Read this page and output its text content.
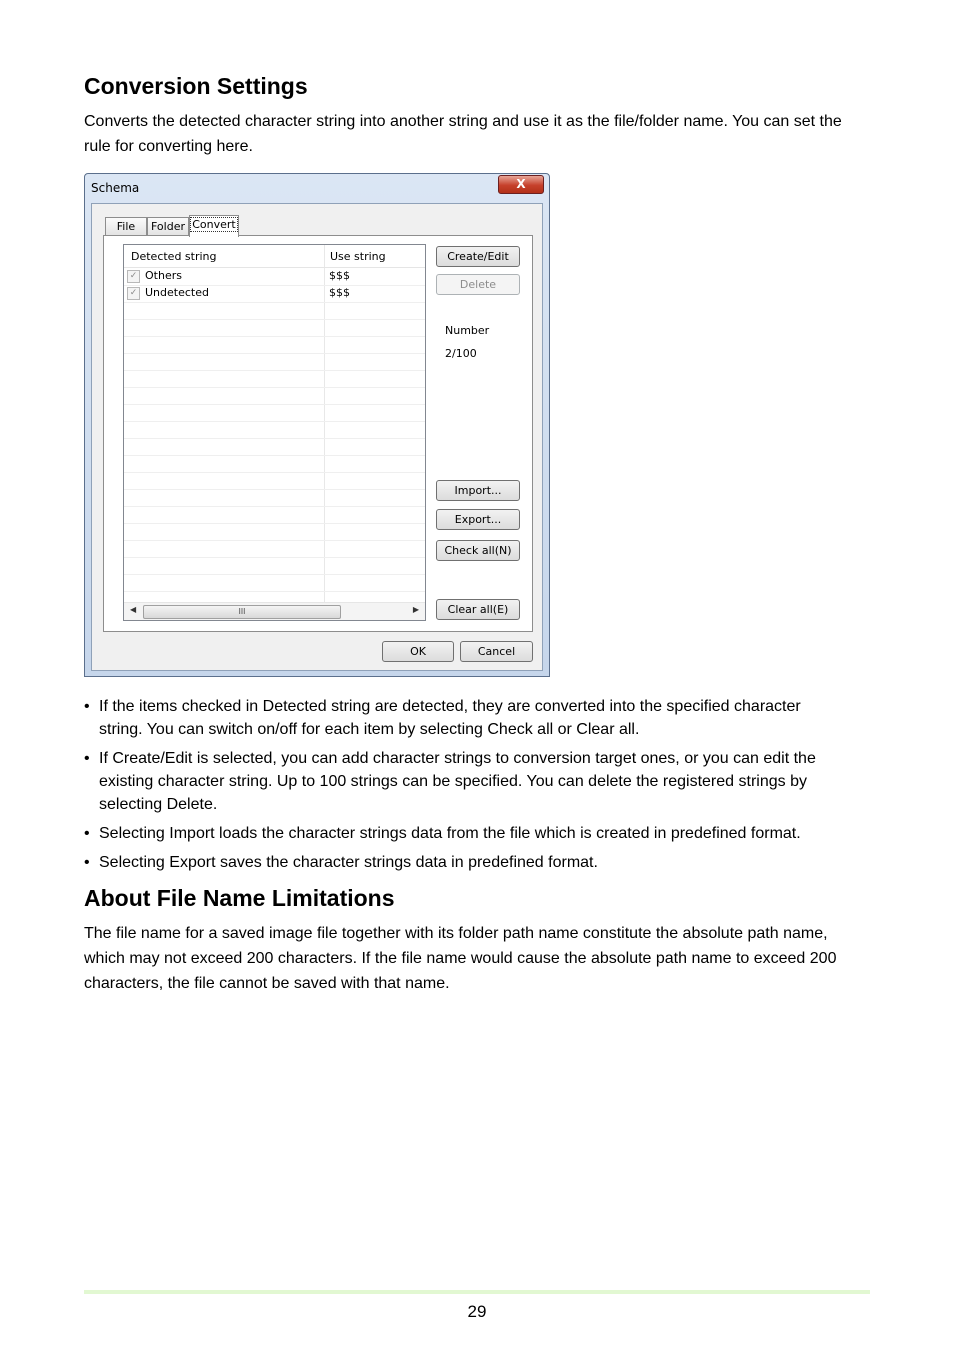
Conversion Settings

Converts the detected character string into another string and use it as the file/folder name. You can set the
rule for converting here.

Schema	X
File	Folder Convert
Detected string	Use string
✓ Others	$$$
✓ Undetected	$$$
◀	III	▶
Create/Edit
Delete
Number
2/100
Import...
Export...
Check all(N)
Clear all(E)
OK	Cancel
• If the items checked in Detected string are detected, they are converted into the specified character
string. You can switch on/off for each item by selecting Check all or Clear all.
• If Create/Edit is selected, you can add character strings to conversion target ones, or you can edit the
existing character string. Up to 100 strings can be specified. You can delete the registered strings by
selecting Delete.
• Selecting Import loads the character strings data from the file which is created in predefined format.
• Selecting Export saves the character strings data in predefined format.
About File Name Limitations

The file name for a saved image file together with its folder path name constitute the absolute path name,
which may not exceed 200 characters. If the file name would cause the absolute path name to exceed 200
characters, the file cannot be saved with that name.

29
